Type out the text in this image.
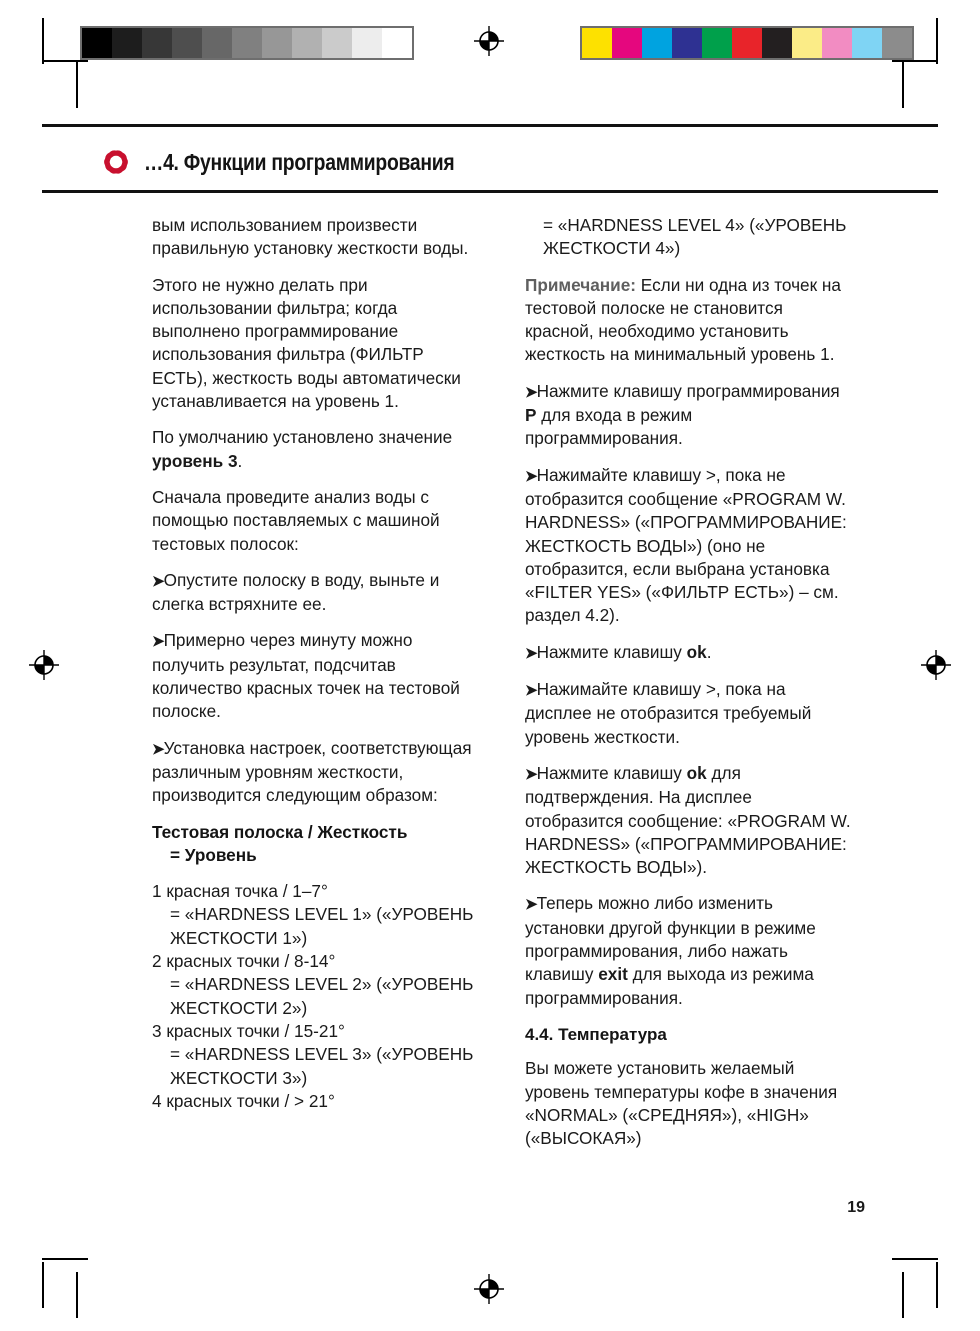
…4. Функции программирования

вым использованием произвести правильную установку жесткости воды.

Этого не нужно делать при использовании фильтра; когда выполнено программирование использования фильтра (ФИЛЬТР ЕСТЬ), жесткость воды автоматически устанавливается на уровень 1.

По умолчанию установлено значение уровень 3.

Сначала проведите анализ воды с помощью поставляемых с машиной тестовых полосок:

➤Опустите полоску в воду, выньте и слегка встряхните ее.

➤Примерно через минуту можно получить результат, подсчитав количество красных точек на тестовой полоске.

➤Установка настроек, соответствующая различным уровням жесткости, производится следующим образом:

Тестовая полоска / Жесткость

= Уровень

1 красная точка / 1–7°

= «HARDNESS LEVEL 1» («УРОВЕНЬ ЖЕСТКОСТИ 1»)

2 красных точки / 8-14°

= «HARDNESS LEVEL 2» («УРОВЕНЬ ЖЕСТКОСТИ 2»)

3 красных точки / 15-21°

= «HARDNESS LEVEL 3» («УРОВЕНЬ ЖЕСТКОСТИ 3»)

4 красных точки / > 21°

= «HARDNESS LEVEL 4» («УРОВЕНЬ ЖЕСТКОСТИ 4»)

Примечание: Если ни одна из точек на тестовой полоске не становится красной, необходимо установить жесткость на минимальный уровень 1.

➤Нажмите клавишу программирования P для входа в режим программирования.

➤Нажимайте клавишу >, пока не отобразится сообщение «PROGRAM W. HARDNESS» («ПРОГРАММИРОВАНИЕ: ЖЕСТКОСТЬ ВОДЫ») (оно не отобразится, если выбрана установка «FILTER YES» («ФИЛЬТР ЕСТЬ») – см. раздел 4.2).

➤Нажмите клавишу ok.

➤Нажимайте клавишу >, пока на дисплее не отобразится требуемый уровень жесткости.

➤Нажмите клавишу ok для подтверждения. На дисплее отобразится сообщение: «PROGRAM W. HARDNESS» («ПРОГРАММИРОВАНИЕ: ЖЕСТКОСТЬ ВОДЫ»).

➤Теперь можно либо изменить установки другой функции в режиме программирования, либо нажать клавишу exit для выхода из режима программирования.

4.4. Температура

Вы можете установить желаемый уровень температуры кофе в значения «NORMAL» («СРЕДНЯЯ»), «HIGH» («ВЫСОКАЯ»)

19
